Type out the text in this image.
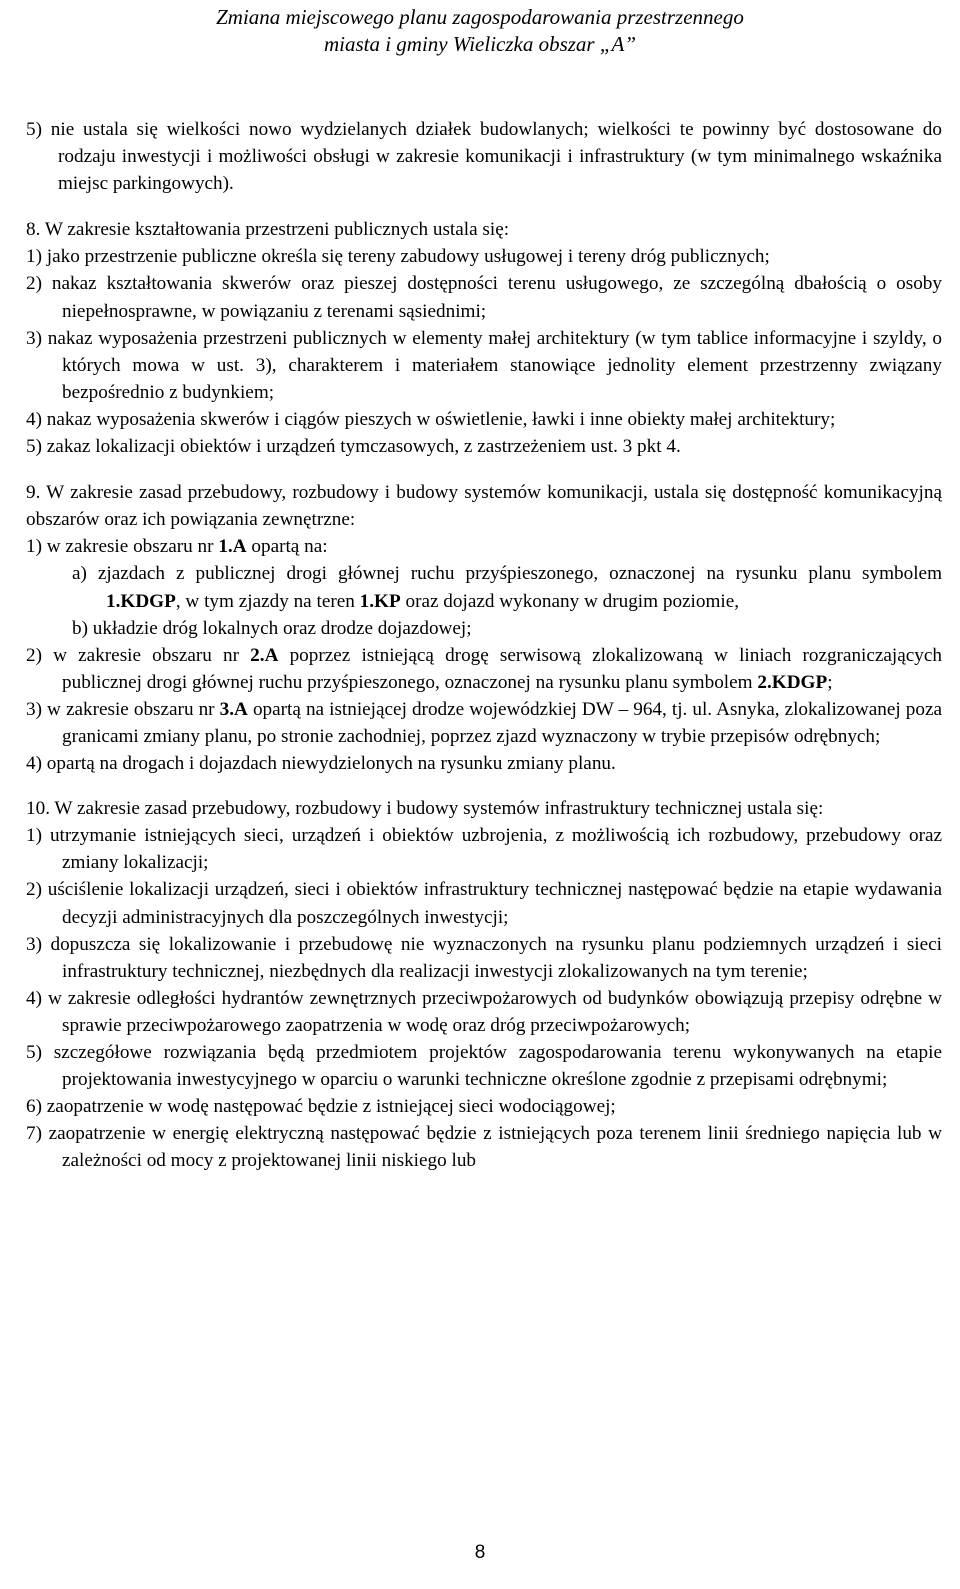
Zmiana miejscowego planu zagospodarowania przestrzennego
miasta i gminy Wieliczka obszar „A”

5) nie ustala się wielkości nowo wydzielanych działek budowlanych; wielkości te powinny być dostosowane do rodzaju inwestycji i możliwości obsługi w zakresie komunikacji i infrastruktury (w tym minimalnego wskaźnika miejsc parkingowych).

8. W zakresie kształtowania przestrzeni publicznych ustala się:

1) jako przestrzenie publiczne określa się tereny zabudowy usługowej i tereny dróg publicznych;

2) nakaz kształtowania skwerów oraz pieszej dostępności terenu usługowego, ze szczególną dbałością o osoby niepełnosprawne, w powiązaniu z terenami sąsiednimi;

3) nakaz wyposażenia przestrzeni publicznych w elementy małej architektury (w tym tablice informacyjne i szyldy, o których mowa w ust. 3), charakterem i materiałem stanowiące jednolity element przestrzenny związany bezpośrednio z budynkiem;

4) nakaz wyposażenia skwerów i ciągów pieszych w oświetlenie, ławki i inne obiekty małej architektury;

5) zakaz lokalizacji obiektów i urządzeń tymczasowych, z zastrzeżeniem ust. 3 pkt 4.

9. W zakresie zasad przebudowy, rozbudowy i budowy systemów komunikacji, ustala się dostępność komunikacyjną obszarów oraz ich powiązania zewnętrzne:

1) w zakresie obszaru nr 1.A opartą na:

a) zjazdach z publicznej drogi głównej ruchu przyśpieszonego, oznaczonej na rysunku planu symbolem 1.KDGP, w tym zjazdy na teren 1.KP oraz dojazd wykonany w drugim poziomie,

b) układzie dróg lokalnych oraz drodze dojazdowej;

2) w zakresie obszaru nr 2.A poprzez istniejącą drogę serwisową zlokalizowaną w liniach rozgraniczających publicznej drogi głównej ruchu przyśpieszonego, oznaczonej na rysunku planu symbolem 2.KDGP;

3) w zakresie obszaru nr 3.A opartą na istniejącej drodze wojewódzkiej DW – 964, tj. ul. Asnyka, zlokalizowanej poza granicami zmiany planu, po stronie zachodniej, poprzez zjazd wyznaczony w trybie przepisów odrębnych;

4) opartą na drogach i dojazdach niewydzielonych na rysunku zmiany planu.

10. W zakresie zasad przebudowy, rozbudowy i budowy systemów infrastruktury technicznej ustala się:

1) utrzymanie istniejących sieci, urządzeń i obiektów uzbrojenia, z możliwością ich rozbudowy, przebudowy oraz zmiany lokalizacji;

2) uściślenie lokalizacji urządzeń, sieci i obiektów infrastruktury technicznej następować będzie na etapie wydawania decyzji administracyjnych dla poszczególnych inwestycji;

3) dopuszcza się lokalizowanie i przebudowę nie wyznaczonych na rysunku planu podziemnych urządzeń i sieci infrastruktury technicznej, niezbędnych dla realizacji inwestycji zlokalizowanych na tym terenie;

4) w zakresie odległości hydrantów zewnętrznych przeciwpożarowych od budynków obowiązują przepisy odrębne w sprawie przeciwpożarowego zaopatrzenia w wodę oraz dróg przeciwpożarowych;

5) szczegółowe rozwiązania będą przedmiotem projektów zagospodarowania terenu wykonywanych na etapie projektowania inwestycyjnego w oparciu o warunki techniczne określone zgodnie z przepisami odrębnymi;

6) zaopatrzenie w wodę następować będzie z istniejącej sieci wodociągowej;

7) zaopatrzenie w energię elektryczną następować będzie z istniejących poza terenem linii średniego napięcia lub w zależności od mocy z projektowanej linii niskiego lub

8
